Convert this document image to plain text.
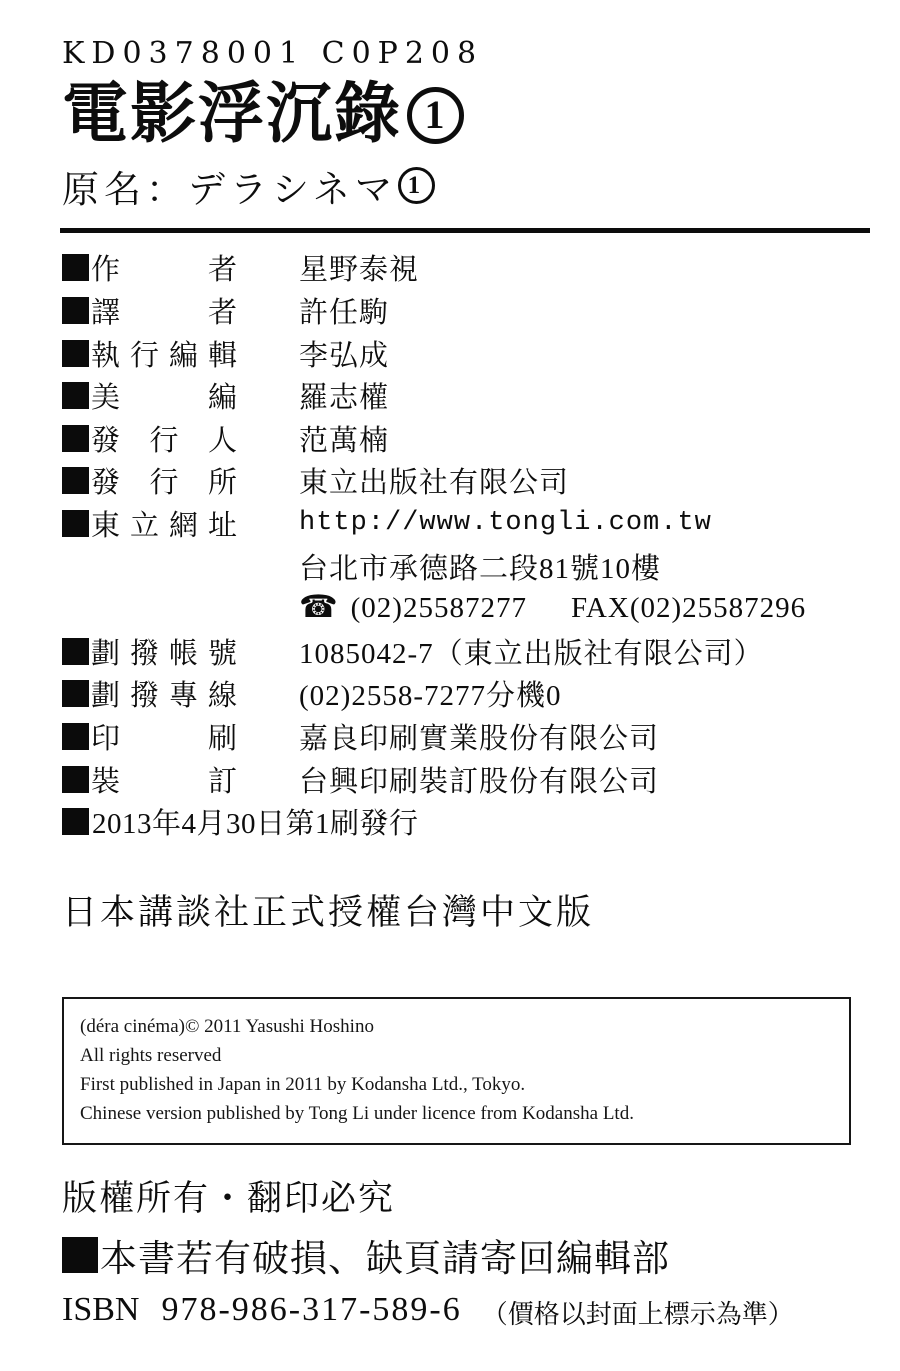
KD0378001 C0P208
電影浮沉錄 1
原名：デラシネマ 1
作者 星野泰視
譯者 許任駒
執行編輯 李弘成
美編 羅志權
發行人 范萬楠
發行所 東立出版社有限公司
東立網址 http://www.tongli.com.tw
台北市承德路二段81號10樓
☎ (02)25587277 FAX(02)25587296
劃撥帳號 1085042-7（東立出版社有限公司）
劃撥專線 (02)2558-7277分機0
印刷 嘉良印刷實業股份有限公司
裝訂 台興印刷裝訂股份有限公司
2013年4月30日第1刷發行
日本講談社正式授權台灣中文版
(déra cinéma)© 2011 Yasushi Hoshino
All rights reserved
First published in Japan in 2011 by Kodansha Ltd., Tokyo.
Chinese version published by Tong Li under licence from Kodansha Ltd.
版權所有・翻印必究
本書若有破損、缺頁請寄回編輯部
ISBN 978-986-317-589-6 （價格以封面上標示為準）
